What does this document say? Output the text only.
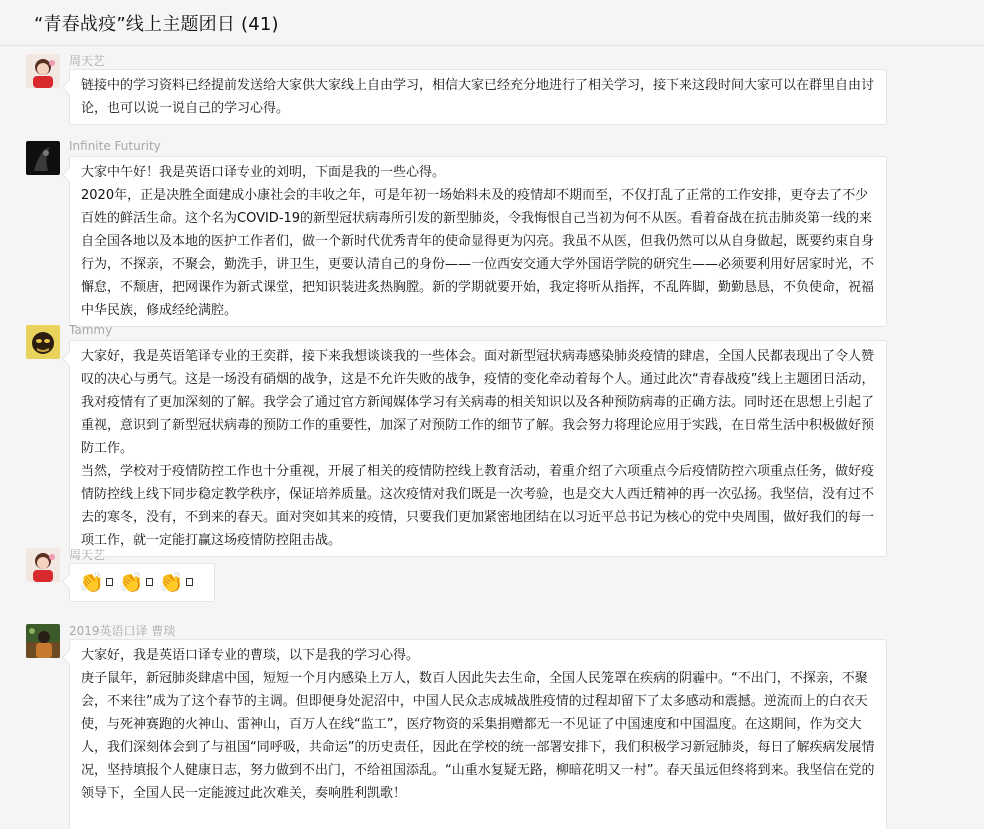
“青春战疫”线上主题团日 (41)
周天艺

链接中的学习资料已经提前发送给大家供大家线上自由学习，相信大家已经充分地进行了相关学习，接下来这段时间大家可以在群里自由讨论，也可以说一说自己的学习心得。

Infinite Futurity

大家中午好！我是英语口译专业的刘明，下面是我的一些心得。

2020年，正是决胜全面建成小康社会的丰收之年，可是年初一场始料未及的疫情却不期而至，不仅打乱了正常的工作安排，更夺去了不少百姓的鲜活生命。这个名为COVID-19的新型冠状病毒所引发的新型肺炎，令我悔恨自己当初为何不从医。看着奋战在抗击肺炎第一线的来自全国各地以及本地的医护工作者们，做一个新时代优秀青年的使命显得更为闪亮。我虽不从医，但我仍然可以从自身做起，既要约束自身行为，不探亲，不聚会，勤洗手，讲卫生，更要认清自己的身份——一位西安交通大学外国语学院的研究生——必须要利用好居家时光，不懈怠，不颓唐，把网课作为新式课堂，把知识装进炙热胸膛。新的学期就要开始，我定将听从指挥，不乱阵脚，勤勤恳恳，不负使命，祝福中华民族，修成经纶满腔。

Tammy

大家好，我是英语笔译专业的王奕群，接下来我想谈谈我的一些体会。面对新型冠状病毒感染肺炎疫情的肆虐，全国人民都表现出了令人赞叹的决心与勇气。这是一场没有硝烟的战争，这是不允许失败的战争，疫情的变化牵动着每个人。通过此次“青春战疫”线上主题团日活动，我对疫情有了更加深刻的了解。我学会了通过官方新闻媒体学习有关病毒的相关知识以及各种预防病毒的正确方法。同时还在思想上引起了重视，意识到了新型冠状病毒的预防工作的重要性，加深了对预防工作的细节了解。我会努力将理论应用于实践，在日常生活中积极做好预防工作。

当然，学校对于疫情防控工作也十分重视，开展了相关的疫情防控线上教育活动，着重介绍了六项重点今后疫情防控六项重点任务，做好疫情防控线上线下同步稳定教学秩序，保证培养质量。这次疫情对我们既是一次考验，也是交大人西迁精神的再一次弘扬。我坚信，没有过不去的寒冬，没有，不到来的春天。面对突如其来的疫情，只要我们更加紧密地团结在以习近平总书记为核心的党中央周围，做好我们的每一项工作，就一定能打赢这场疫情防控阻击战。

周天艺
👏 👏 👏
2019英语口译 曹琰

大家好，我是英语口译专业的曹琰，以下是我的学习心得。

庚子鼠年，新冠肺炎肆虐中国，短短一个月内感染上万人，数百人因此失去生命，全国人民笼罩在疾病的阴霾中。“不出门，不探亲，不聚会，不来往”成为了这个春节的主调。但即便身处泥沼中，中国人民众志成城战胜疫情的过程却留下了太多感动和震撼。逆流而上的白衣天使，与死神赛跑的火神山、雷神山，百万人在线“监工”，医疗物资的采集捐赠都无一不见证了中国速度和中国温度。在这期间，作为交大人，我们深刻体会到了与祖国“同呼吸，共命运”的历史责任，因此在学校的统一部署安排下，我们积极学习新冠肺炎，每日了解疾病发展情况，坚持填报个人健康日志，努力做到不出门，不给祖国添乱。“山重水复疑无路，柳暗花明又一村”。春天虽远但终将到来。我坚信在党的领导下，全国人民一定能渡过此次难关，奏响胜利凯歌！
